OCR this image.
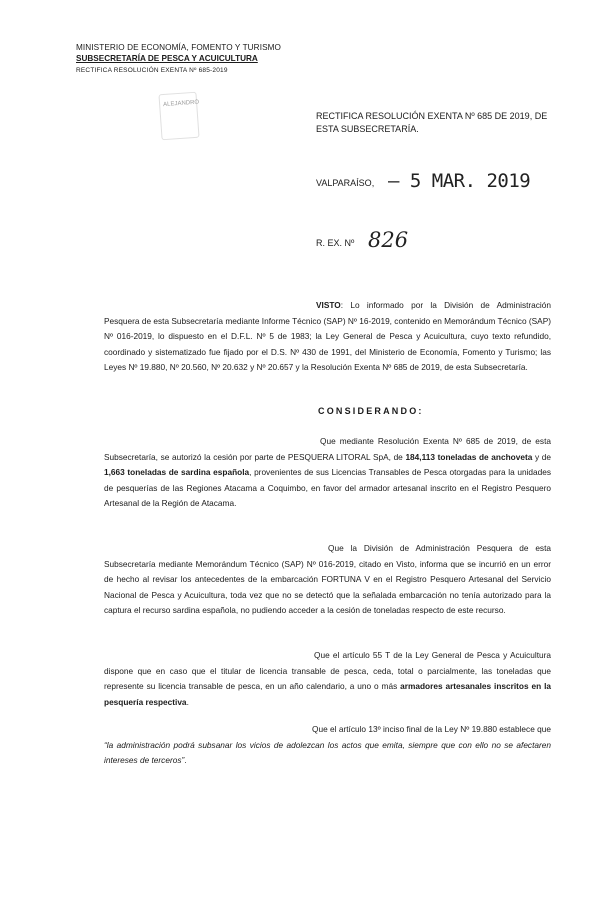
MINISTERIO DE ECONOMÍA, FOMENTO Y TURISMO
SUBSECRETARÍA DE PESCA Y ACUICULTURA
RECTIFICA RESOLUCIÓN EXENTA Nº 685-2019
ALEJANDRO
RECTIFICA RESOLUCIÓN EXENTA Nº 685 DE 2019, DE ESTA SUBSECRETARÍA.
VALPARAÍSO, – 5 MAR. 2019
R. EX. Nº 826

VISTO: Lo informado por la División de Administración Pesquera de esta Subsecretaría mediante Informe Técnico (SAP) Nº 16-2019, contenido en Memorándum Técnico (SAP) Nº 016-2019, lo dispuesto en el D.F.L. Nº 5 de 1983; la Ley General de Pesca y Acuicultura, cuyo texto refundido, coordinado y sistematizado fue fijado por el D.S. Nº 430 de 1991, del Ministerio de Economía, Fomento y Turismo; las Leyes Nº 19.880, Nº 20.560, Nº 20.632 y Nº 20.657 y la Resolución Exenta Nº 685 de 2019, de esta Subsecretaría.

CONSIDERANDO:

Que mediante Resolución Exenta Nº 685 de 2019, de esta Subsecretaría, se autorizó la cesión por parte de PESQUERA LITORAL SpA, de 184,113 toneladas de anchoveta y de 1,663 toneladas de sardina española, provenientes de sus Licencias Transables de Pesca otorgadas para la unidades de pesquerías de las Regiones Atacama a Coquimbo, en favor del armador artesanal inscrito en el Registro Pesquero Artesanal de la Región de Atacama.

Que la División de Administración Pesquera de esta Subsecretaría mediante Memorándum Técnico (SAP) Nº 016-2019, citado en Visto, informa que se incurrió en un error de hecho al revisar los antecedentes de la embarcación FORTUNA V en el Registro Pesquero Artesanal del Servicio Nacional de Pesca y Acuicultura, toda vez que no se detectó que la señalada embarcación no tenía autorizado para la captura el recurso sardina española, no pudiendo acceder a la cesión de toneladas respecto de este recurso.

Que el artículo 55 T de la Ley General de Pesca y Acuicultura dispone que en caso que el titular de licencia transable de pesca, ceda, total o parcialmente, las toneladas que represente su licencia transable de pesca, en un año calendario, a uno o más armadores artesanales inscritos en la pesquería respectiva.

Que el artículo 13º inciso final de la Ley Nº 19.880 establece que “la administración podrá subsanar los vicios de adolezcan los actos que emita, siempre que con ello no se afectaren intereses de terceros”.
